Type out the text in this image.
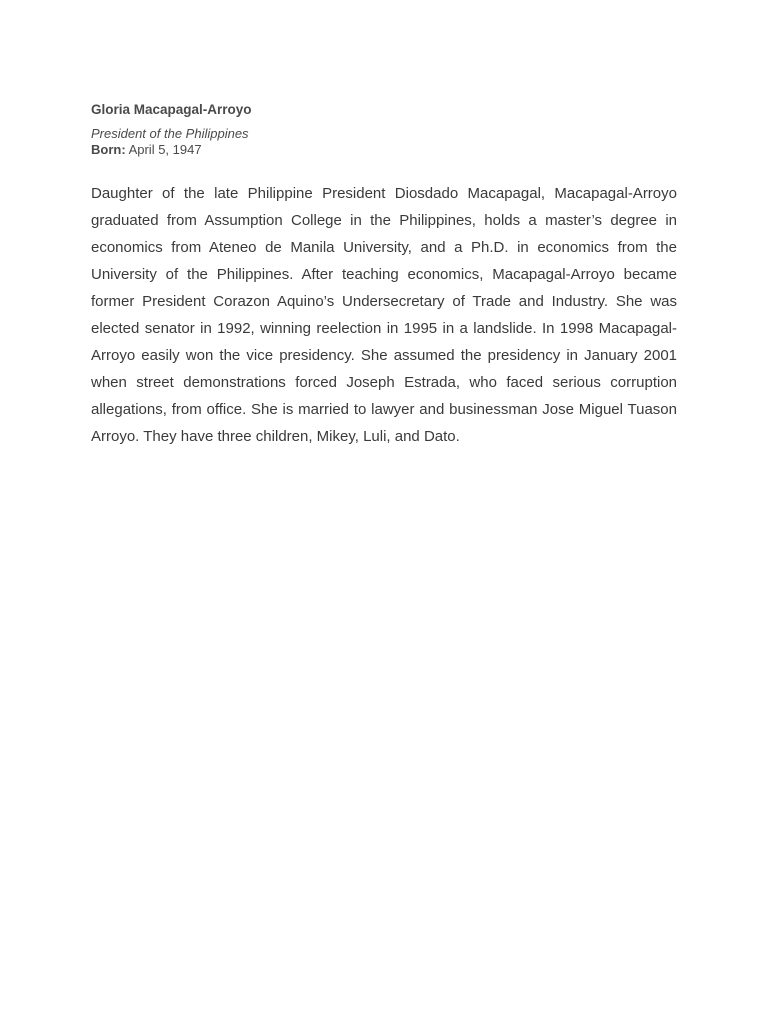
Gloria Macapagal-Arroyo

President of the Philippines

Born: April 5, 1947

Daughter of the late Philippine President Diosdado Macapagal, Macapagal-Arroyo graduated from Assumption College in the Philippines, holds a master’s degree in economics from Ateneo de Manila University, and a Ph.D. in economics from the University of the Philippines. After teaching economics, Macapagal-Arroyo became former President Corazon Aquino’s Undersecretary of Trade and Industry. She was elected senator in 1992, winning reelection in 1995 in a landslide. In 1998 Macapagal-Arroyo easily won the vice presidency. She assumed the presidency in January 2001 when street demonstrations forced Joseph Estrada, who faced serious corruption allegations, from office. She is married to lawyer and businessman Jose Miguel Tuason Arroyo. They have three children, Mikey, Luli, and Dato.
